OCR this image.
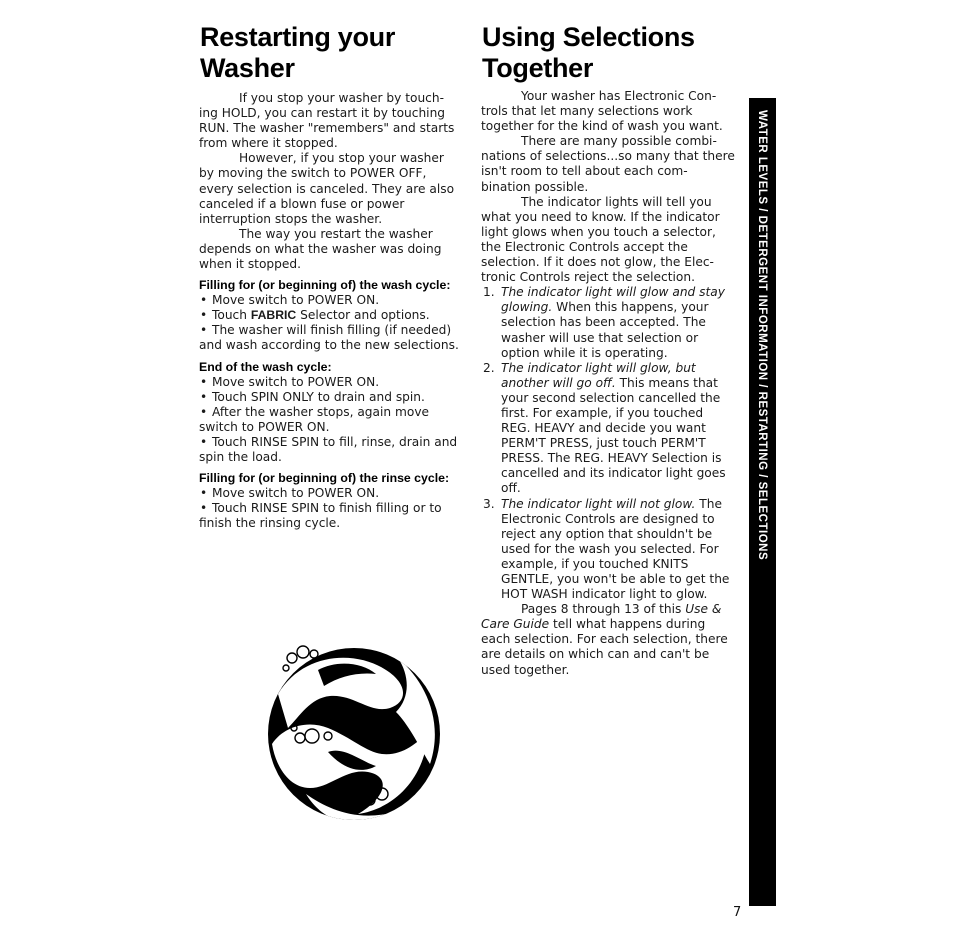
Restarting your
Washer
Using Selections
Together

If you stop your washer by touch-ing HOLD, you can restart it by touching RUN. The washer "remembers" and starts from where it stopped.

However, if you stop your washer by moving the switch to POWER OFF, every selection is canceled. They are also canceled if a blown fuse or power interruption stops the washer.

The way you restart the washer depends on what the washer was doing when it stopped.

Filling for (or beginning of) the wash cycle:
• Move switch to POWER ON.
• Touch FABRIC Selector and options.
• The washer will finish filling (if needed) and wash according to the new selections.
End of the wash cycle:
• Move switch to POWER ON.
• Touch SPIN ONLY to drain and spin.
• After the washer stops, again move switch to POWER ON.
• Touch RINSE SPIN to fill, rinse, drain and spin the load.
Filling for (or beginning of) the rinse cycle:
• Move switch to POWER ON.
• Touch RINSE SPIN to finish filling or to finish the rinsing cycle.

Your washer has Electronic Con-trols that let many selections work together for the kind of wash you want.

There are many possible combi-nations of selections...so many that there isn't room to tell about each com-bination possible.

The indicator lights will tell you what you need to know. If the indicator light glows when you touch a selector, the Electronic Controls accept the selection. If it does not glow, the Elec-tronic Controls reject the selection.

1. The indicator light will glow and stay glowing. When this happens, your selection has been accepted. The washer will use that selection or option while it is operating.
2. The indicator light will glow, but another will go off. This means that your second selection cancelled the first. For example, if you touched REG. HEAVY and decide you want PERM'T PRESS, just touch PERM'T PRESS. The REG. HEAVY Selection is cancelled and its indicator light goes off.
3. The indicator light will not glow. The Electronic Controls are designed to reject any option that shouldn't be used for the wash you selected. For example, if you touched KNITS GENTLE, you won't be able to get the HOT WASH indicator light to glow.

Pages 8 through 13 of this Use & Care Guide tell what happens during each selection. For each selection, there are details on which can and can't be used together.

WATER LEVELS / DETERGENT INFORMATION / RESTARTING / SELECTIONS
7
